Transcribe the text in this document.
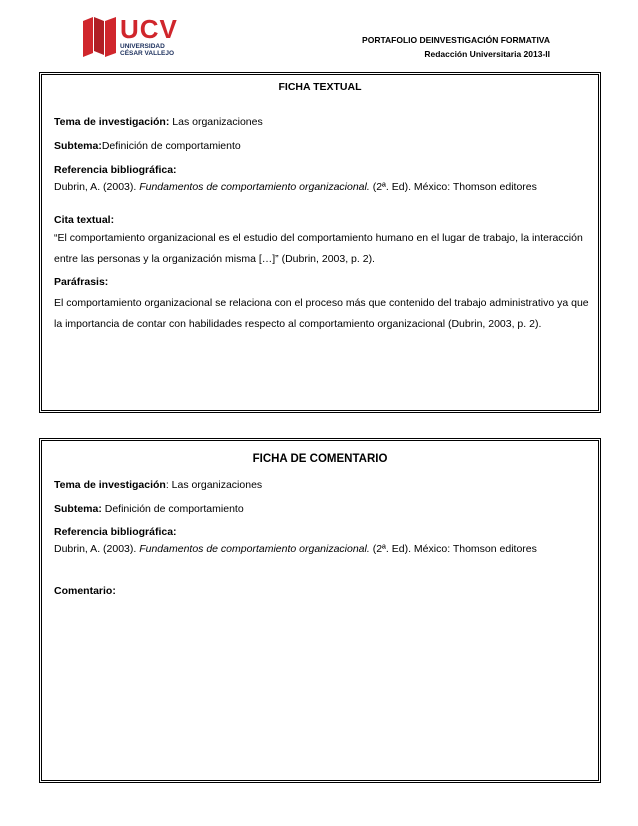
UCV
UNIVERSIDAD
CÉSAR VALLEJO
PORTAFOLIO DEINVESTIGACIÓN FORMATIVA
Redacción Universitaria 2013-II
FICHA TEXTUAL
Tema de investigación: Las organizaciones
Subtema:Definición de comportamiento
Referencia bibliográfica:
Dubrin, A. (2003). Fundamentos de comportamiento organizacional. (2ª. Ed). México: Thomson editores
Cita textual:
“El comportamiento organizacional es el estudio del comportamiento humano en el lugar de trabajo, la interacción
entre las personas y la organización misma […]” (Dubrin, 2003, p. 2).
Paráfrasis:
El comportamiento organizacional se relaciona con el proceso más que contenido del trabajo administrativo ya que
la importancia de contar con habilidades respecto al comportamiento organizacional (Dubrin, 2003, p. 2).
FICHA DE COMENTARIO
Tema de investigación: Las organizaciones
Subtema: Definición de comportamiento
Referencia bibliográfica:
Dubrin, A. (2003). Fundamentos de comportamiento organizacional. (2ª. Ed). México: Thomson editores
Comentario:
